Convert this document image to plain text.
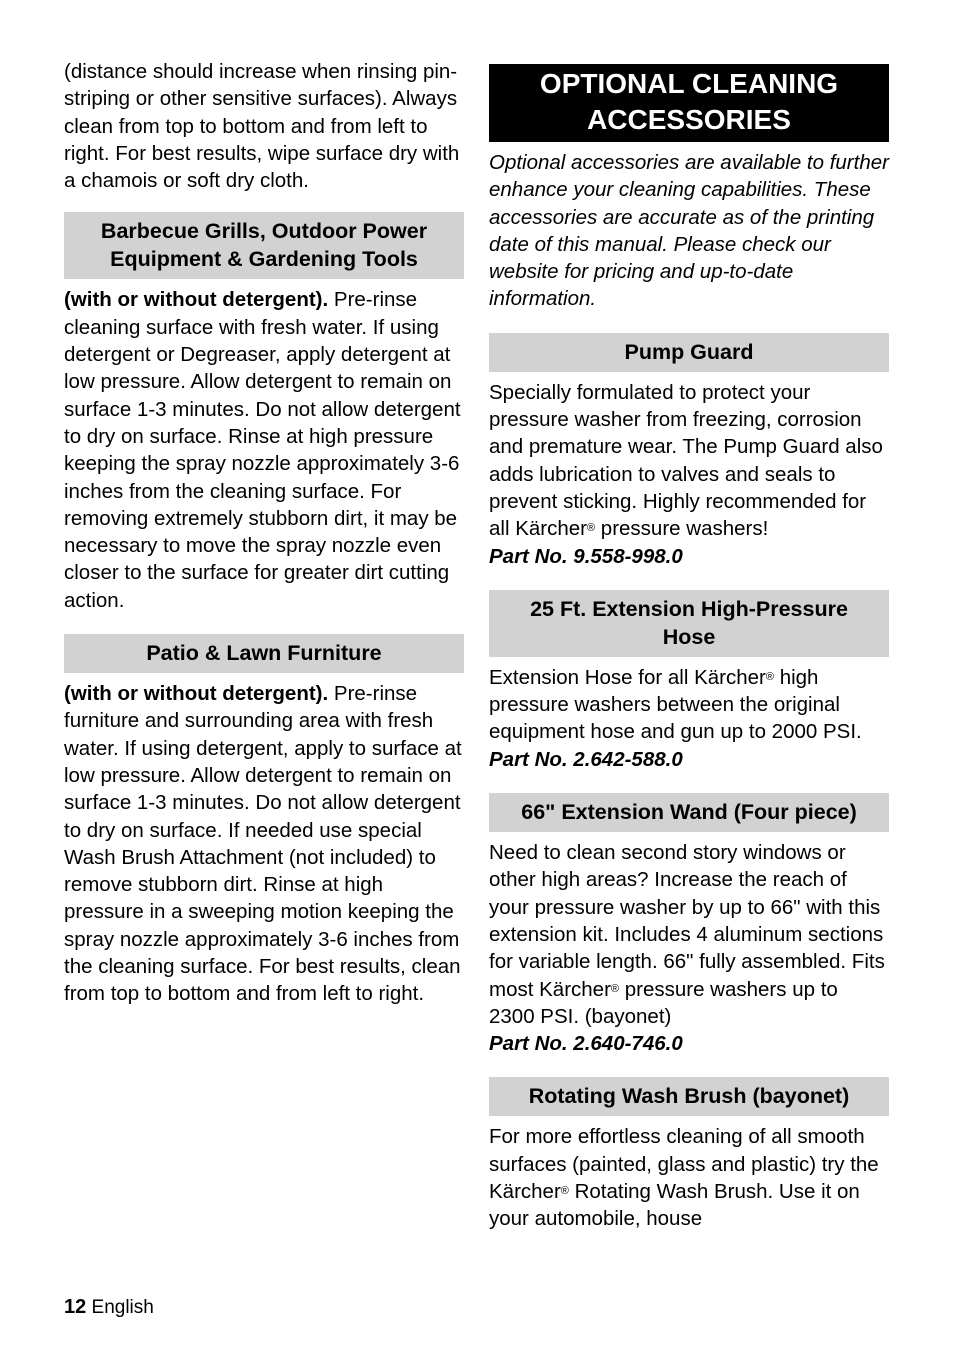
(distance should increase when rinsing pin-striping or other sensitive surfaces). Always clean from top to bottom and from left to right. For best results, wipe surface dry with a chamois or soft dry cloth.

Barbecue Grills, Outdoor Power
Equipment & Gardening Tools

(with or without detergent). Pre-rinse cleaning surface with fresh water. If using detergent or Degreaser, apply detergent at low pressure. Allow detergent to remain on surface 1-3 minutes. Do not allow detergent to dry on surface. Rinse at high pressure keeping the spray nozzle approximately 3-6 inches from the cleaning surface. For removing extremely stubborn dirt, it may be necessary to move the spray nozzle even closer to the surface for greater dirt cutting action.

Patio & Lawn Furniture

(with or without detergent). Pre-rinse furniture and surrounding area with fresh water. If using detergent, apply to surface at low pressure. Allow detergent to remain on surface 1-3 minutes. Do not allow detergent to dry on surface. If needed use special Wash Brush Attachment (not included) to remove stubborn dirt. Rinse at high pressure in a sweeping motion keeping the spray nozzle approximately 3-6 inches from the cleaning surface. For best results, clean from top to bottom and from left to right.

OPTIONAL CLEANING
ACCESSORIES

Optional accessories are available to further enhance your cleaning capabilities. These accessories are accurate as of the printing date of this manual. Please check our website for pricing and up-to-date information.

Pump Guard

Specially formulated to protect your pressure washer from freezing, corrosion and premature wear. The Pump Guard also adds lubrication to valves and seals to prevent sticking. Highly recommended for all Kärcher® pressure washers!

Part No. 9.558-998.0

25 Ft. Extension High-Pressure
Hose

Extension Hose for all Kärcher® high pressure washers between the original equipment hose and gun up to 2000 PSI.

Part No. 2.642-588.0

66" Extension Wand (Four piece)

Need to clean second story windows or other high areas? Increase the reach of your pressure washer by up to 66" with this extension kit. Includes 4 aluminum sections for variable length. 66" fully assembled. Fits most Kärcher® pressure washers up to 2300 PSI. (bayonet)

Part No. 2.640-746.0

Rotating Wash Brush (bayonet)

For more effortless cleaning of all smooth surfaces (painted, glass and plastic) try the Kärcher® Rotating Wash Brush. Use it on your automobile, house

12 English
